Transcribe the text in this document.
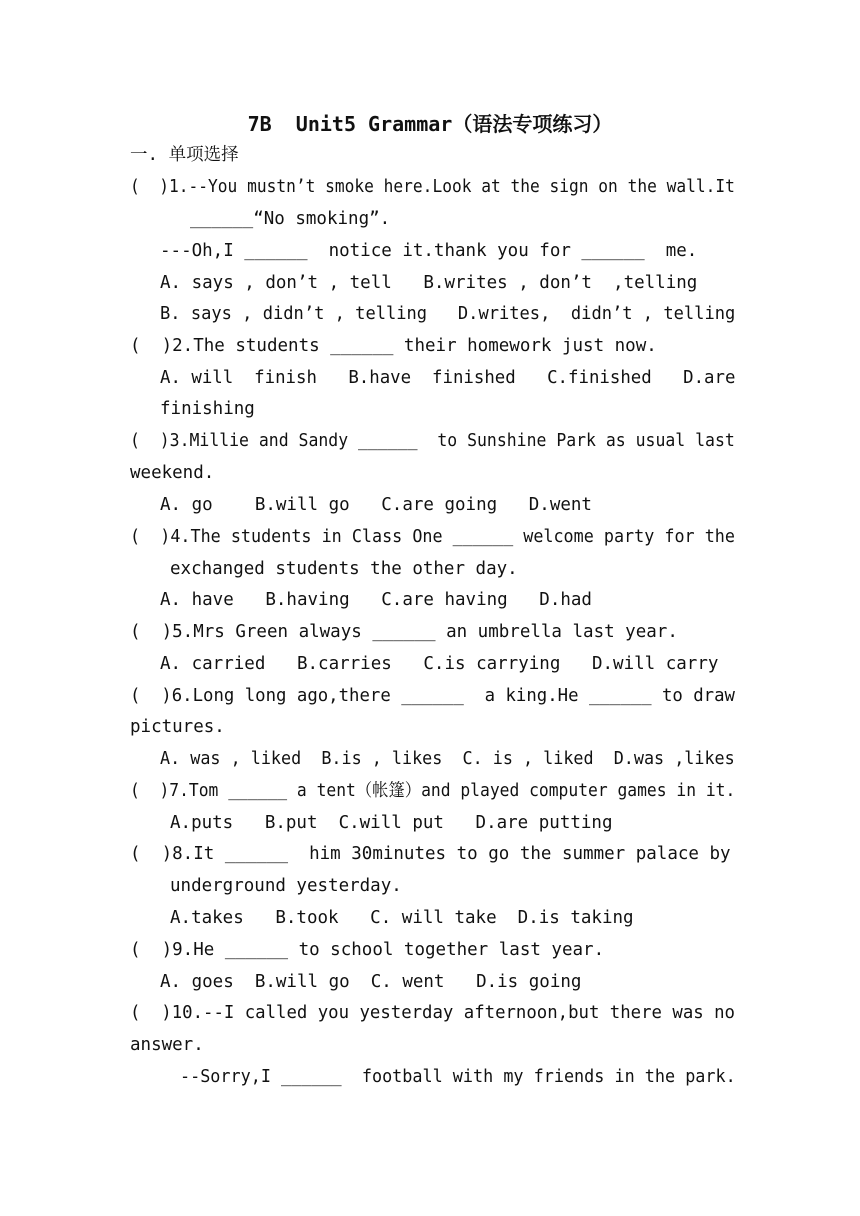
7B  Unit5 Grammar（语法专项练习）
一. 单项选择
(  )1.--You mustn’t smoke here.Look at the sign on the wall.It
______“No smoking”.
---Oh,I ______  notice it.thank you for ______  me.
A. says , don’t , tell   B.writes , don’t  ,telling
B. says , didn’t , telling   D.writes,  didn’t , telling
(  )2.The students ______ their homework just now.
A. will  finish   B.have  finished   C.finished   D.are
finishing
(  )3.Millie and Sandy ______  to Sunshine Park as usual last
weekend.
A. go    B.will go   C.are going   D.went
(  )4.The students in Class One ______ welcome party for the
exchanged students the other day.
A. have   B.having   C.are having   D.had
(  )5.Mrs Green always ______ an umbrella last year.
A. carried   B.carries   C.is carrying   D.will carry
(  )6.Long long ago,there ______  a king.He ______ to draw
pictures.
A. was , liked  B.is , likes  C. is , liked  D.was ,likes
(  )7.Tom ______ a tent（帐篷）and played computer games in it.
A.puts   B.put  C.will put   D.are putting
(  )8.It ______  him 30minutes to go the summer palace by
underground yesterday.
A.takes   B.took   C. will take  D.is taking
(  )9.He ______ to school together last year.
A. goes  B.will go  C. went   D.is going
(  )10.--I called you yesterday afternoon,but there was no
answer.
--Sorry,I ______  football with my friends in the park.
